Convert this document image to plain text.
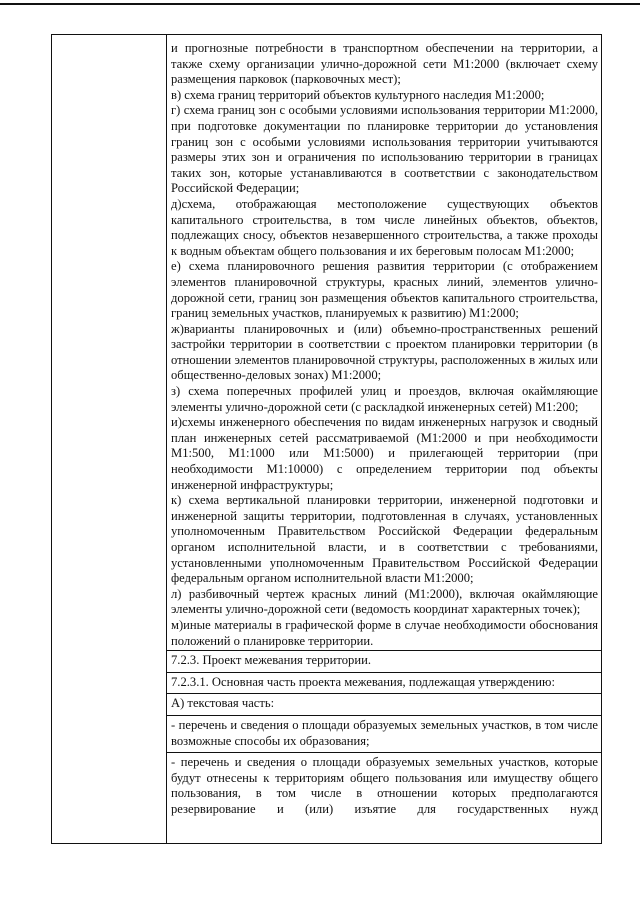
и прогнозные потребности в транспортном обеспечении на территории, а также схему организации улично-дорожной сети М1:2000 (включает схему размещения парковок (парковочных мест);

в) схема границ территорий объектов культурного наследия М1:2000;

г) схема границ зон с особыми условиями использования территории М1:2000, при подготовке документации по планировке территории до установления границ зон с особыми условиями использования территории учитываются размеры этих зон и ограничения по использованию территории в границах таких зон, которые устанавливаются в соответствии с законодательством Российской Федерации;

д)схема, отображающая местоположение существующих объектов капитального строительства, в том числе линейных объектов, объектов, подлежащих сносу, объектов незавершенного строительства, а также проходы к водным объектам общего пользования и их береговым полосам М1:2000;

е) схема планировочного решения развития территории (с отображением элементов планировочной структуры, красных линий, элементов улично-дорожной сети, границ зон размещения объектов капитального строительства, границ земельных участков, планируемых к развитию) М1:2000;

ж)варианты планировочных и (или) объемно-пространственных решений застройки территории в соответствии с проектом планировки территории (в отношении элементов планировочной структуры, расположенных в жилых или общественно-деловых зонах) М1:2000;

з) схема поперечных профилей улиц и проездов, включая окаймляющие элементы улично-дорожной сети (с раскладкой инженерных сетей) М1:200;

и)схемы инженерного обеспечения по видам инженерных нагрузок и сводный план инженерных сетей рассматриваемой (М1:2000 и при необходимости М1:500, М1:1000 или М1:5000) и прилегающей территории (при необходимости М1:10000) с определением территории под объекты инженерной инфраструктуры;

к) схема вертикальной планировки территории, инженерной подготовки и инженерной защиты территории, подготовленная в случаях, установленных уполномоченным Правительством Российской Федерации федеральным органом исполнительной власти, и в соответствии с требованиями, установленными уполномоченным Правительством Российской Федерации федеральным органом исполнительной власти М1:2000;

л) разбивочный чертеж красных линий (М1:2000), включая окаймляющие элементы улично-дорожной сети (ведомость координат характерных точек);

м)иные материалы в графической форме в случае необходимости обоснования положений о планировке территории.

7.2.3. Проект межевания территории.

7.2.3.1. Основная часть проекта межевания, подлежащая утверждению:

А) текстовая часть:

- перечень и сведения о площади образуемых земельных участков, в том числе возможные способы их образования;

- перечень и сведения о площади образуемых земельных участков, которые будут отнесены к территориям общего пользования или имуществу общего пользования, в том числе в отношении которых предполагаются резервирование и (или) изъятие для государственных нужд
